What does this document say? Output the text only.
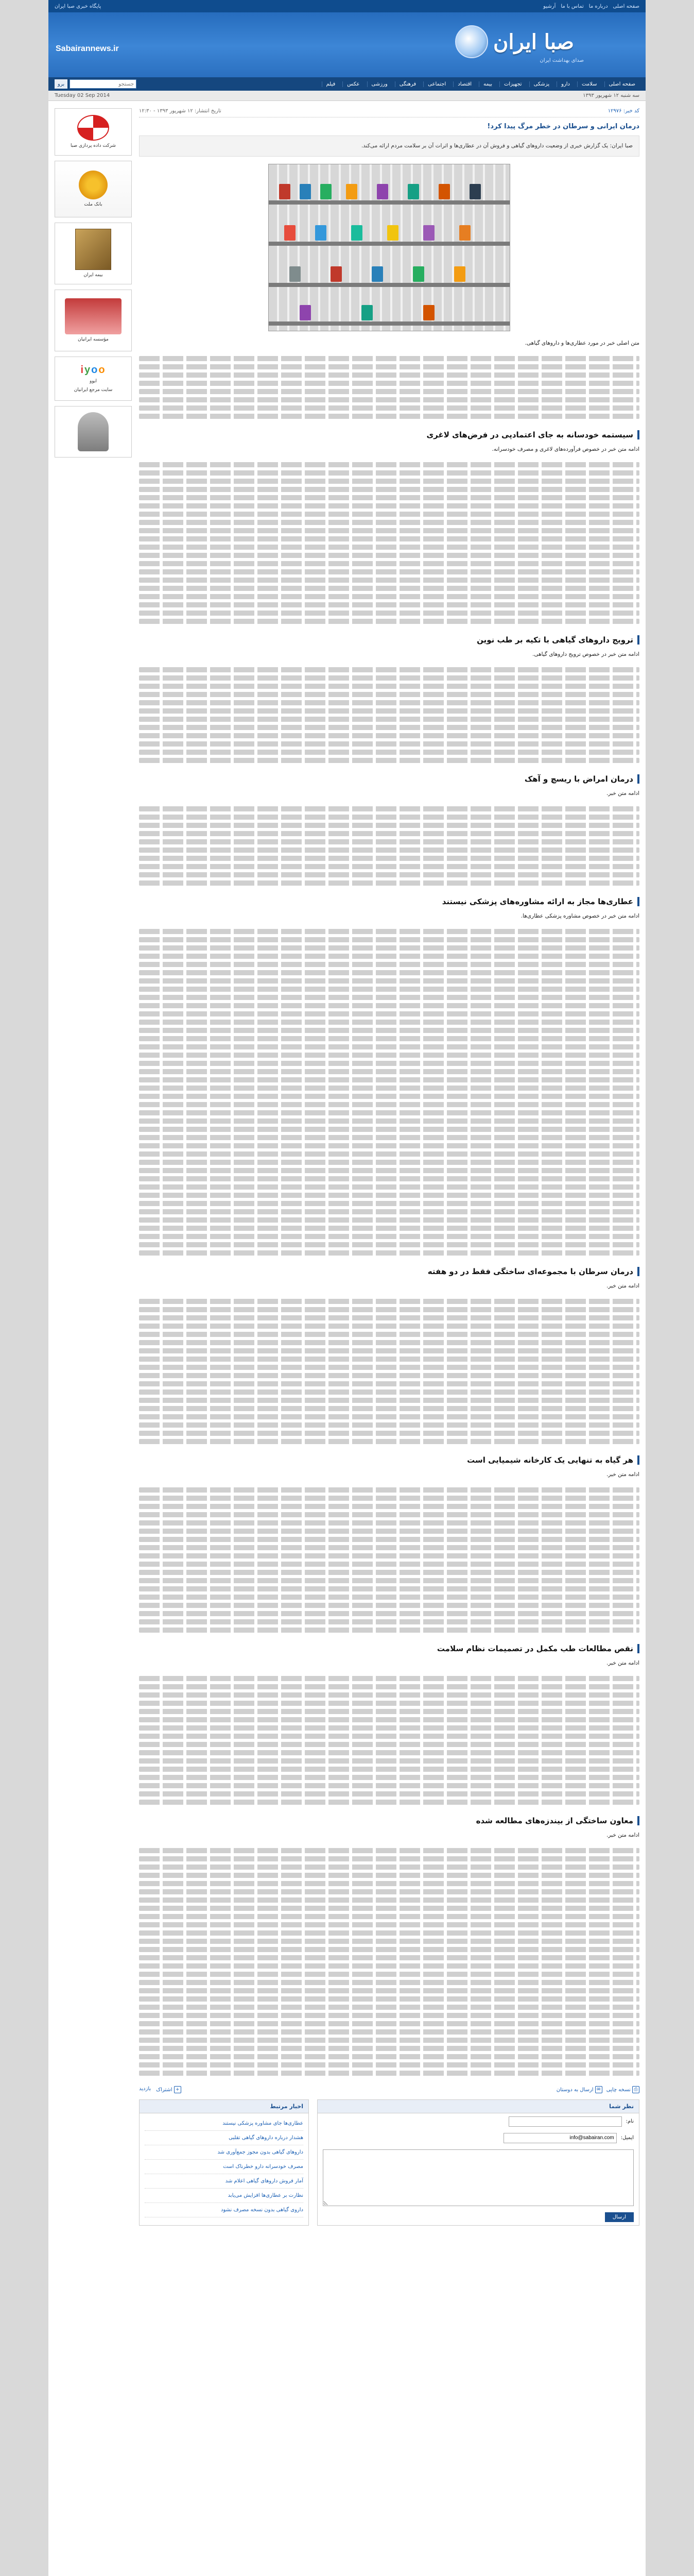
صفحه اصلی
درباره ما
تماس با ما
آرشیو
پایگاه خبری صبا ایران
صبا ایران
صدای بهداشت ایران
Sabairannews.ir
صفحه اصلی
سلامت
دارو
پزشکی
تجهیزات
بیمه
اقتصاد
اجتماعی
فرهنگی
ورزشی
عکس
فیلم
جستجو
برو
سه شنبه ۱۲ شهریور ۱۳۹۳
Tuesday 02 Sep 2014
کد خبر: ۱۲۹۷۶
تاریخ انتشار: ۱۲ شهریور ۱۳۹۳ - ۱۲:۳۰
درمان ایرانی و سرطان در خطر مرگ پیدا کرد!
صبا ایران: یک گزارش خبری از وضعیت داروهای گیاهی و فروش آن در عطاری‌ها و اثرات آن بر سلامت مردم ارائه می‌کند.

متن اصلی خبر در مورد عطاری‌ها و داروهای گیاهی.

سیستمه خودسانه به جای اعتمادپی در فرض‌های لاغری

ادامه متن خبر در خصوص فرآورده‌های لاغری و مصرف خودسرانه.

ترویج داروهای گیاهی با تکیه بر طب نوین

ادامه متن خبر در خصوص ترویج داروهای گیاهی.

درمان امراض با ریسچ و آهک

ادامه متن خبر.

عطاری‌ها مجاز به ارائه مشاوره‌های پزشکی نیستند

ادامه متن خبر در خصوص مشاوره پزشکی عطاری‌ها.

درمان سرطان با مجموعه‌ای ساختگی فقط در دو هفته

ادامه متن خبر.

هر گیاه به تنهایی یک کارخانه شیمیایی است

ادامه متن خبر.

نقص مطالعات طب مکمل در تصمیمات نظام سلامت

ادامه متن خبر.

معاون ساختگی از بیندزه‌های مطالعه شده

ادامه متن خبر.

⎙ نسخه چاپی
✉ ارسال به دوستان
+ اشتراک
بازدید
نظر شما
نام:
ایمیل:
info@sabairan.com
ارسال
اخبار مرتبط
عطاری‌ها جای مشاوره پزشکی نیستند
هشدار درباره داروهای گیاهی تقلبی
داروهای گیاهی بدون مجوز جمع‌آوری شد
مصرف خودسرانه دارو خطرناک است
آمار فروش داروهای گیاهی اعلام شد
نظارت بر عطاری‌ها افزایش می‌یابد
داروی گیاهی بدون نسخه مصرف نشود
شرکت داده پردازی صبا
بانک ملت
بیمه ایران
مؤسسه ایرانیان
iyoo
ایوو
سایت مرجع ایرانیان
